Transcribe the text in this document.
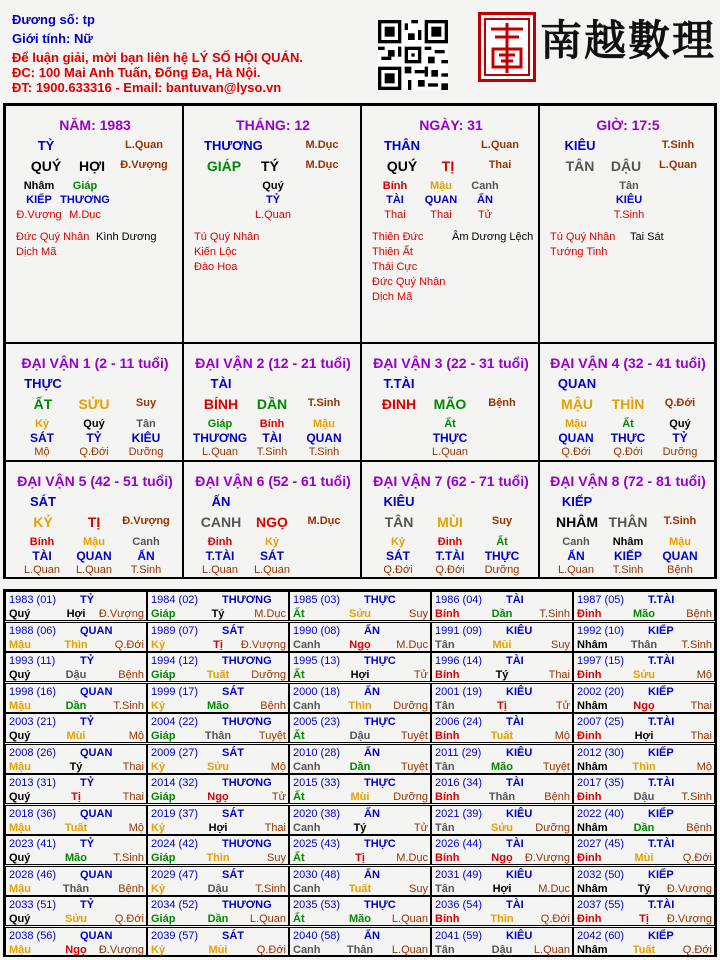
Đương số: tp
Giới tính: Nữ
Để luận giải, mời bạn liên hệ LÝ SỐ HỘI QUÁN.
ĐC: 100 Mai Anh Tuấn, Đống Đa, Hà Nội.
ĐT: 1900.633316 - Email: bantuvan@lyso.vn
南越數理
NĂM: 1983
TỶ	L.Quan
QUÝ	HỢI	Đ.Vượng
Nhâm
KIẾP
Đ.Vượng
Giáp
THƯƠNG
M.Dục
Đức Quý Nhân Kình Dương
Dịch Mã
THÁNG: 12
THƯƠNG	M.Dục
GIÁP	TÝ	M.Dục
Quý
TỶ
L.Quan
Tú Quý Nhân
Kiến Lộc
Đào Hoa
NGÀY: 31
THÂN	L.Quan
QUÝ	TỊ	Thai
Bính
TÀI
Thai
Mậu
QUAN
Thai
Canh
ẤN
Tử
Thiên Đức	Âm Dương Lệch
Thiên Ất
Thái Cực
Đức Quý Nhân
Dịch Mã
GIỜ: 17:5
KIÊU	T.Sinh
TÂN	DẬU	L.Quan
Tân
KIÊU
T.Sinh
Tú Quý Nhân Tai Sát
Tướng Tinh
ĐẠI VẬN 1 (2 - 11 tuổi)
THỰC
ẤT	SỬU	Suy
Kỷ
SÁT
Mộ
Quý
TỶ
Q.Đới
Tân
KIÊU
Dưỡng
ĐẠI VẬN 2 (12 - 21 tuổi)
TÀI
BÍNH	DẦN	T.Sinh
Giáp
THƯƠNG
L.Quan
Bính
TÀI
T.Sinh
Mậu
QUAN
T.Sinh
ĐẠI VẬN 3 (22 - 31 tuổi)
T.TÀI
ĐINH	MÃO	Bệnh
Ất
THỰC
L.Quan
ĐẠI VẬN 4 (32 - 41 tuổi)
QUAN
MẬU	THÌN	Q.Đới
Mậu
QUAN
Q.Đới
Ất
THỰC
Q.Đới
Quý
TỶ
Dưỡng
ĐẠI VẬN 5 (42 - 51 tuổi)
SÁT
KỶ	TỊ	Đ.Vượng
Bính
TÀI
L.Quan
Mậu
QUAN
L.Quan
Canh
ẤN
T.Sinh
ĐẠI VẬN 6 (52 - 61 tuổi)
ẤN
CANH	NGỌ	M.Dục
Đinh
T.TÀI
L.Quan
Kỷ
SÁT
L.Quan
ĐẠI VẬN 7 (62 - 71 tuổi)
KIÊU
TÂN	MÙI	Suy
Kỷ
SÁT
Q.Đới
Đinh
T.TÀI
Q.Đới
Ất
THỰC
Dưỡng
ĐẠI VẬN 8 (72 - 81 tuổi)
KIẾP
NHÂM THÂN	T.Sinh
Canh
ẤN
L.Quan
Nhâm
KIẾP
T.Sinh
Mậu
QUAN
Bệnh
1983 (01) TỶ
Quý	Hợi	Đ.Vượng
1984 (02) THƯƠNG
Giáp	Tý	M.Dục
1985 (03) THỰC
Ất	Sửu	Suy
1986 (04) TÀI
Bính	Dần	T.Sinh
1987 (05) T.TÀI
Đinh	Mão	Bệnh
1988 (06) QUAN
Mậu	Thìn	Q.Đới
1989 (07) SÁT
Kỷ	Tị	Đ.Vượng
1990 (08) ẤN
Canh	Ngọ	M.Dục
1991 (09) KIÊU
Tân	Mùi	Suy
1992 (10) KIẾP
Nhâm	Thân	T.Sinh
1993 (11) TỶ
Quý	Dậu	Bệnh
1994 (12) THƯƠNG
Giáp	Tuất	Dưỡng
1995 (13) THỰC
Ất	Hợi	Tử
1996 (14) TÀI
Bính	Tý	Thai
1997 (15) T.TÀI
Đinh	Sửu	Mộ
1998 (16) QUAN
Mậu	Dần	T.Sinh
1999 (17) SÁT
Kỷ	Mão	Bệnh
2000 (18) ẤN
Canh	Thìn	Dưỡng
2001 (19) KIÊU
Tân	Tị	Tử
2002 (20) KIẾP
Nhâm	Ngọ	Thai
2003 (21) TỶ
Quý	Mùi	Mộ
2004 (22) THƯƠNG
Giáp	Thân	Tuyệt
2005 (23) THỰC
Ất	Dậu	Tuyệt
2006 (24) TÀI
Bính	Tuất	Mộ
2007 (25) T.TÀI
Đinh	Hợi	Thai
2008 (26) QUAN
Mậu	Tý	Thai
2009 (27) SÁT
Kỷ	Sửu	Mộ
2010 (28) ẤN
Canh	Dần	Tuyệt
2011 (29) KIÊU
Tân	Mão	Tuyệt
2012 (30) KIẾP
Nhâm	Thìn	Mộ
2013 (31) TỶ
Quý	Tị	Thai
2014 (32) THƯƠNG
Giáp	Ngọ	Tử
2015 (33) THỰC
Ất	Mùi	Dưỡng
2016 (34) TÀI
Bính	Thân	Bệnh
2017 (35) T.TÀI
Đinh	Dậu	T.Sinh
2018 (36) QUAN
Mậu	Tuất	Mộ
2019 (37) SÁT
Kỷ	Hợi	Thai
2020 (38) ẤN
Canh	Tý	Tử
2021 (39) KIÊU
Tân	Sửu	Dưỡng
2022 (40) KIẾP
Nhâm	Dần	Bệnh
2023 (41) TỶ
Quý	Mão	T.Sinh
2024 (42) THƯƠNG
Giáp	Thìn	Suy
2025 (43) THỰC
Ất	Tị	M.Dục
2026 (44) TÀI
Bính	Ngọ	Đ.Vượng
2027 (45) T.TÀI
Đinh	Mùi	Q.Đới
2028 (46) QUAN
Mậu	Thân	Bệnh
2029 (47) SÁT
Kỷ	Dậu	T.Sinh
2030 (48) ẤN
Canh	Tuất	Suy
2031 (49) KIÊU
Tân	Hợi	M.Dục
2032 (50) KIẾP
Nhâm	Tý	Đ.Vượng
2033 (51) TỶ
Quý	Sửu	Q.Đới
2034 (52) THƯƠNG
Giáp	Dần	L.Quan
2035 (53) THỰC
Ất	Mão	L.Quan
2036 (54) TÀI
Bính	Thìn	Q.Đới
2037 (55) T.TÀI
Đinh	Tị	Đ.Vượng
2038 (56) QUAN
Mậu	Ngọ	Đ.Vượng
2039 (57) SÁT
Kỷ	Mùi	Q.Đới
2040 (58) ẤN
Canh	Thân	L.Quan
2041 (59) KIÊU
Tân	Dậu	L.Quan
2042 (60) KIẾP
Nhâm	Tuất	Q.Đới
